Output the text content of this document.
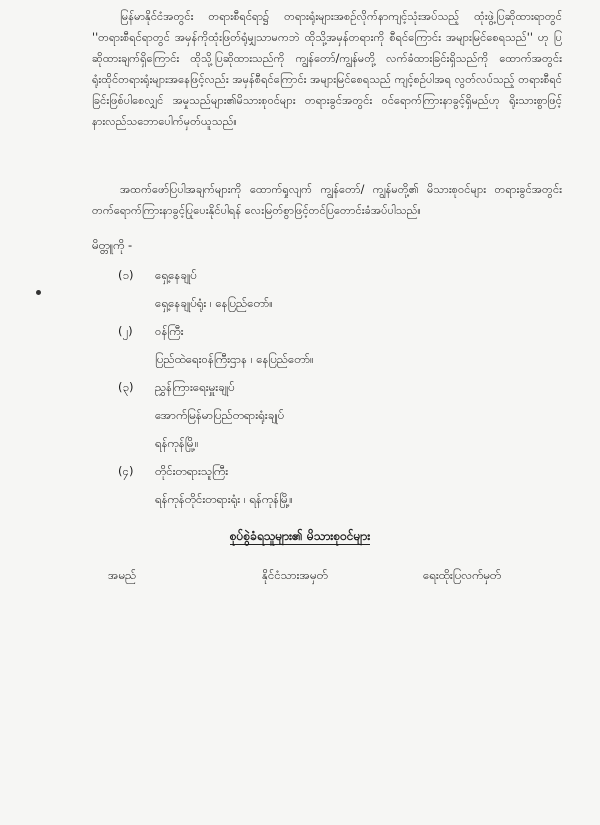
မြန်မာနိုင်ငံအတွင်း တရားစီရင်ရာ၌ တရားရုံးများအစဉ်လိုက်နာကျင့်သုံးအပ်သည့် ထုံးဖွဲ့ပြဆိုထားရာတွင် ''တရားစီရင်ရာတွင် အမှန်ကိုထုံးဖြတ်ရုံမျှသာမကဘဲ ထိုသို့အမှန်တရားကို စီရင်ကြောင်း အများမြင်စေရသည်'' ဟု ပြဆိုထားချက်ရှိကြောင်း ထိုသို့ပြဆိုထားသည်ကို ကျွန်တော်/ကျွန်မတို့ လက်ခံထားခြင်းရှိသည်ကို ထောက်အတွင်း ရုံးထိုင်တရားရုံးများအနေဖြင့်လည်း အမှန်စီရင်ကြောင်း အများမြင်စေရသည် ကျင့်စဉ်ပါအရ လွတ်လပ်သည့် တရားစီရင်ခြင်းဖြစ်ပါစေလျှင် အမှုသည်များ၏မိသားစုဝင်များ တရားခွင်အတွင်း ဝင်ရောက်ကြားနာခွင့်ရှိမည်ဟု ရိုးသားစွာဖြင့် နားလည်သဘောပေါက်မှတ်ယူသည်။
အထက်ဖော်ပြပါအချက်များကို ထောက်ရှုလျက် ကျွန်တော်/ ကျွန်မတို့၏ မိသားစုဝင်များ တရားခွင်အတွင်း တက်ရောက်ကြားနာခွင့်ပြုပေးနိုင်ပါရန် လေးမြတ်စွာဖြင့်တင်ပြတောင်းခံအပ်ပါသည်။
မိတ္တူကို -
(၁) ရှေ့နေချုပ်
ရှေ့နေချုပ်ရုံး ၊ နေပြည်တော်။
(၂) ဝန်ကြီး
ပြည်ထဲရေးဝန်ကြီးဌာန ၊ နေပြည်တော်။
(၃) ညွှန်ကြားရေးမှူးချုပ်
အောက်မြန်မာပြည်တရားရုံးချုပ်
ရန်ကုန်မြို့။
(၄) တိုင်းတရားသူကြီး
ရန်ကုန်တိုင်းတရားရုံး ၊ ရန်ကုန်မြို့။
စုပ်စွဲခံရသူများ၏ မိသားစုဝင်များ
အမည်	နိုင်ငံသားအမှတ်	ရေးထိုးပြလက်မှတ်
